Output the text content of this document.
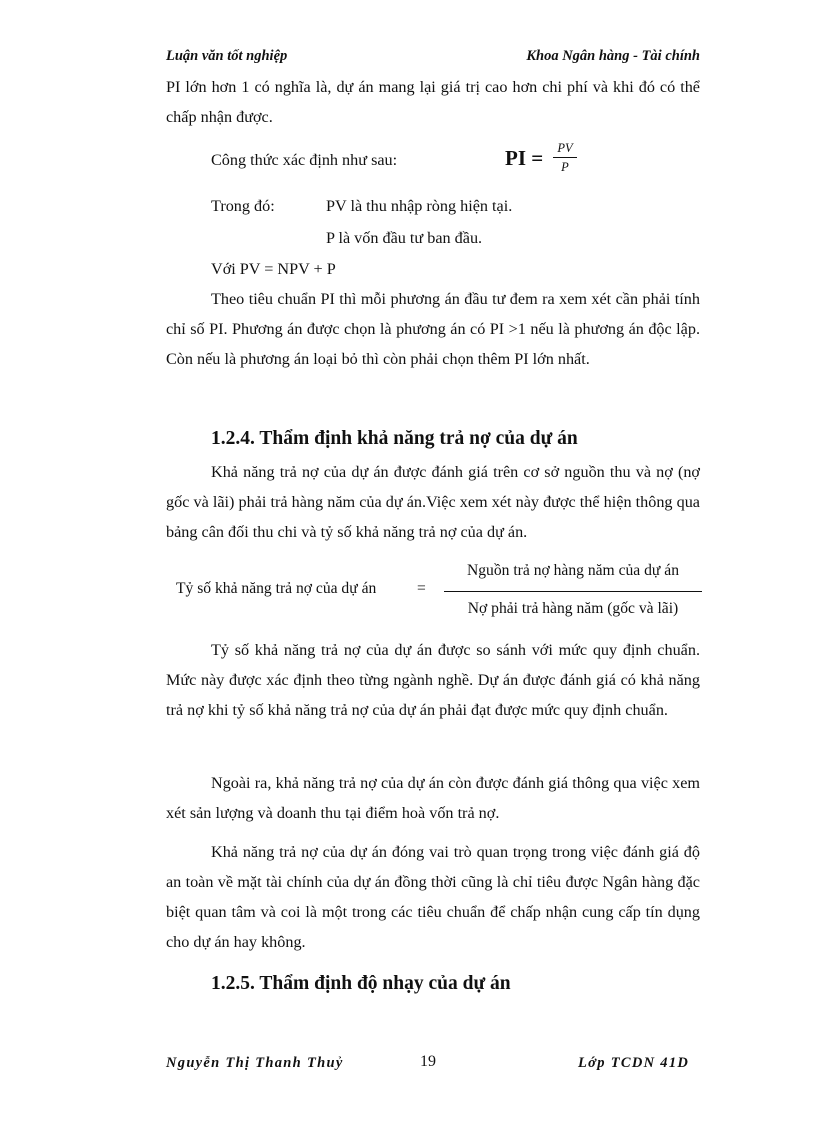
Luận văn tốt nghiệp	Khoa Ngân hàng - Tài chính

PI lớn hơn 1 có nghĩa là, dự án mang lại giá trị cao hơn chi phí và khi đó có thể chấp nhận được.

Công thức xác định như sau:	PI =	PV
P
Trong đó:	PV là thu nhập ròng hiện tại.
P là vốn đầu tư ban đầu.
Với PV = NPV + P

Theo tiêu chuẩn PI thì mỗi phương án đầu tư đem ra xem xét cần phải tính chỉ số PI. Phương án được chọn là phương án có PI >1 nếu là phương án độc lập. Còn nếu là phương án loại bỏ thì còn phải chọn thêm PI lớn nhất.

1.2.4. Thẩm định khả năng trả nợ của dự án

Khả năng trả nợ của dự án được đánh giá trên cơ sở nguồn thu và nợ (nợ gốc và lãi) phải trả hàng năm của dự án.Việc xem xét này được thể hiện thông qua bảng cân đối thu chi và tỷ số khả năng trả nợ của dự án.

Tỷ số khả năng trả nợ của dự án	=
Nguồn trả nợ hàng năm của dự án
Nợ phải trả hàng năm (gốc và lãi)

Tỷ số khả năng trả nợ của dự án được so sánh với mức quy định chuẩn. Mức này được xác định theo từng ngành nghề. Dự án được đánh giá có khả năng trả nợ khi tỷ số khả năng trả nợ của dự án phải đạt được mức quy định chuẩn.

Ngoài ra, khả năng trả nợ của dự án còn được đánh giá thông qua việc xem xét sản lượng và doanh thu tại điểm hoà vốn trả nợ.

Khả năng trả nợ của dự án đóng vai trò quan trọng trong việc đánh giá độ an toàn về mặt tài chính của dự án đồng thời cũng là chỉ tiêu được Ngân hàng đặc biệt quan tâm và coi là một trong các tiêu chuẩn để chấp nhận cung cấp tín dụng cho dự án hay không.

1.2.5. Thẩm định độ nhạy của dự án
Nguyễn Thị Thanh Thuỷ	19	Lớp TCDN 41D
